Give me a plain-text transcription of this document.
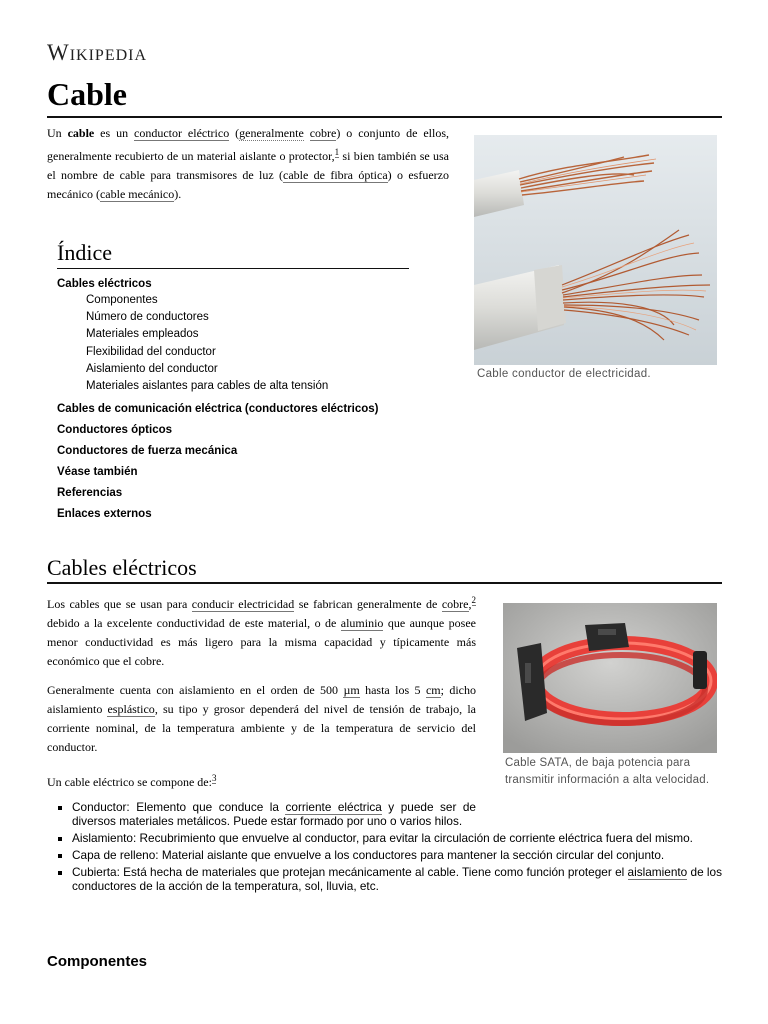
Wikipedia
Cable
Un cable es un conductor eléctrico (generalmente cobre) o conjunto de ellos, generalmente recubierto de un material aislante o protector,$^1$ si bien también se usa el nombre de cable para transmisores de luz (cable de fibra óptica) o esfuerzo mecánico (cable mecánico).
Cable conductor de electricidad.
Índice
Cables eléctricos
Componentes
Número de conductores
Materiales empleados
Flexibilidad del conductor
Aislamiento del conductor
Materiales aislantes para cables de alta tensión
Cables de comunicación eléctrica (conductores eléctricos)
Conductores ópticos
Conductores de fuerza mecánica
Véase también
Referencias
Enlaces externos
Cables eléctricos
Los cables que se usan para conducir electricidad se fabrican generalmente de cobre,$^2$ debido a la excelente conductividad de este material, o de aluminio que aunque posee menor conductividad es más ligero para la misma capacidad y típicamente más económico que el cobre.
Generalmente cuenta con aislamiento en el orden de 500 µm hasta los 5 cm; dicho aislamiento esplástico, su tipo y grosor dependerá del nivel de tensión de trabajo, la corriente nominal, de la temperatura ambiente y de la temperatura de servicio del conductor.
Un cable eléctrico se compone de:$^3$
Cable SATA, de baja potencia para transmitir información a alta velocidad.
Conductor: Elemento que conduce la corriente eléctrica y puede ser de diversos materiales metálicos. Puede estar formado por uno o varios hilos.
Aislamiento: Recubrimiento que envuelve al conductor, para evitar la circulación de corriente eléctrica fuera del mismo.
Capa de relleno: Material aislante que envuelve a los conductores para mantener la sección circular del conjunto.
Cubierta: Está hecha de materiales que protejan mecánicamente al cable. Tiene como función proteger el aislamiento de los conductores de la acción de la temperatura, sol, lluvia, etc.
Componentes
